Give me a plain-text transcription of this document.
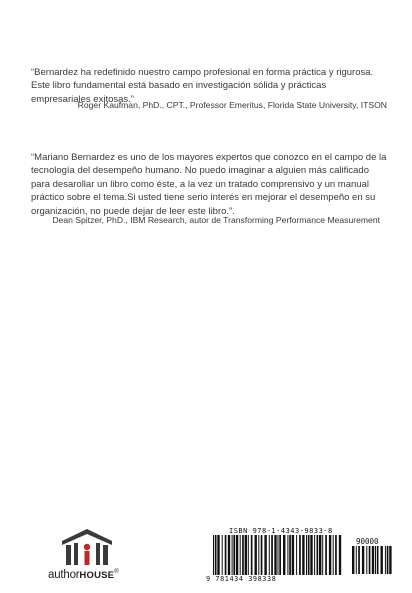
“Bernardez ha redefinido nuestro campo profesional en forma práctica y rigurosa. Este libro fundamental está basado en investigación sólida y prácticas empresariales exitosas.”

Roger Kaufman, PhD., CPT., Professor Emeritus, Florida State University, ITSON

“Mariano Bernardez es uno de los mayores expertos que conozco en el campo de la tecnología del desempeño humano. No puedo imaginar a alguien más calificado para desarollar un libro como éste, a la vez un tratado comprensivo y un manual práctico sobre el tema.Si usted tiene serio interés en mejorar el desempeño en su organización, no puede dejar de leer este libro.”.

Dean Spitzer, PhD., IBM Research, autor de Transforming Performance Measurement
authorHOUSE®
ISBN 978-1-4343-9833-8
90000
9 781434 398338
